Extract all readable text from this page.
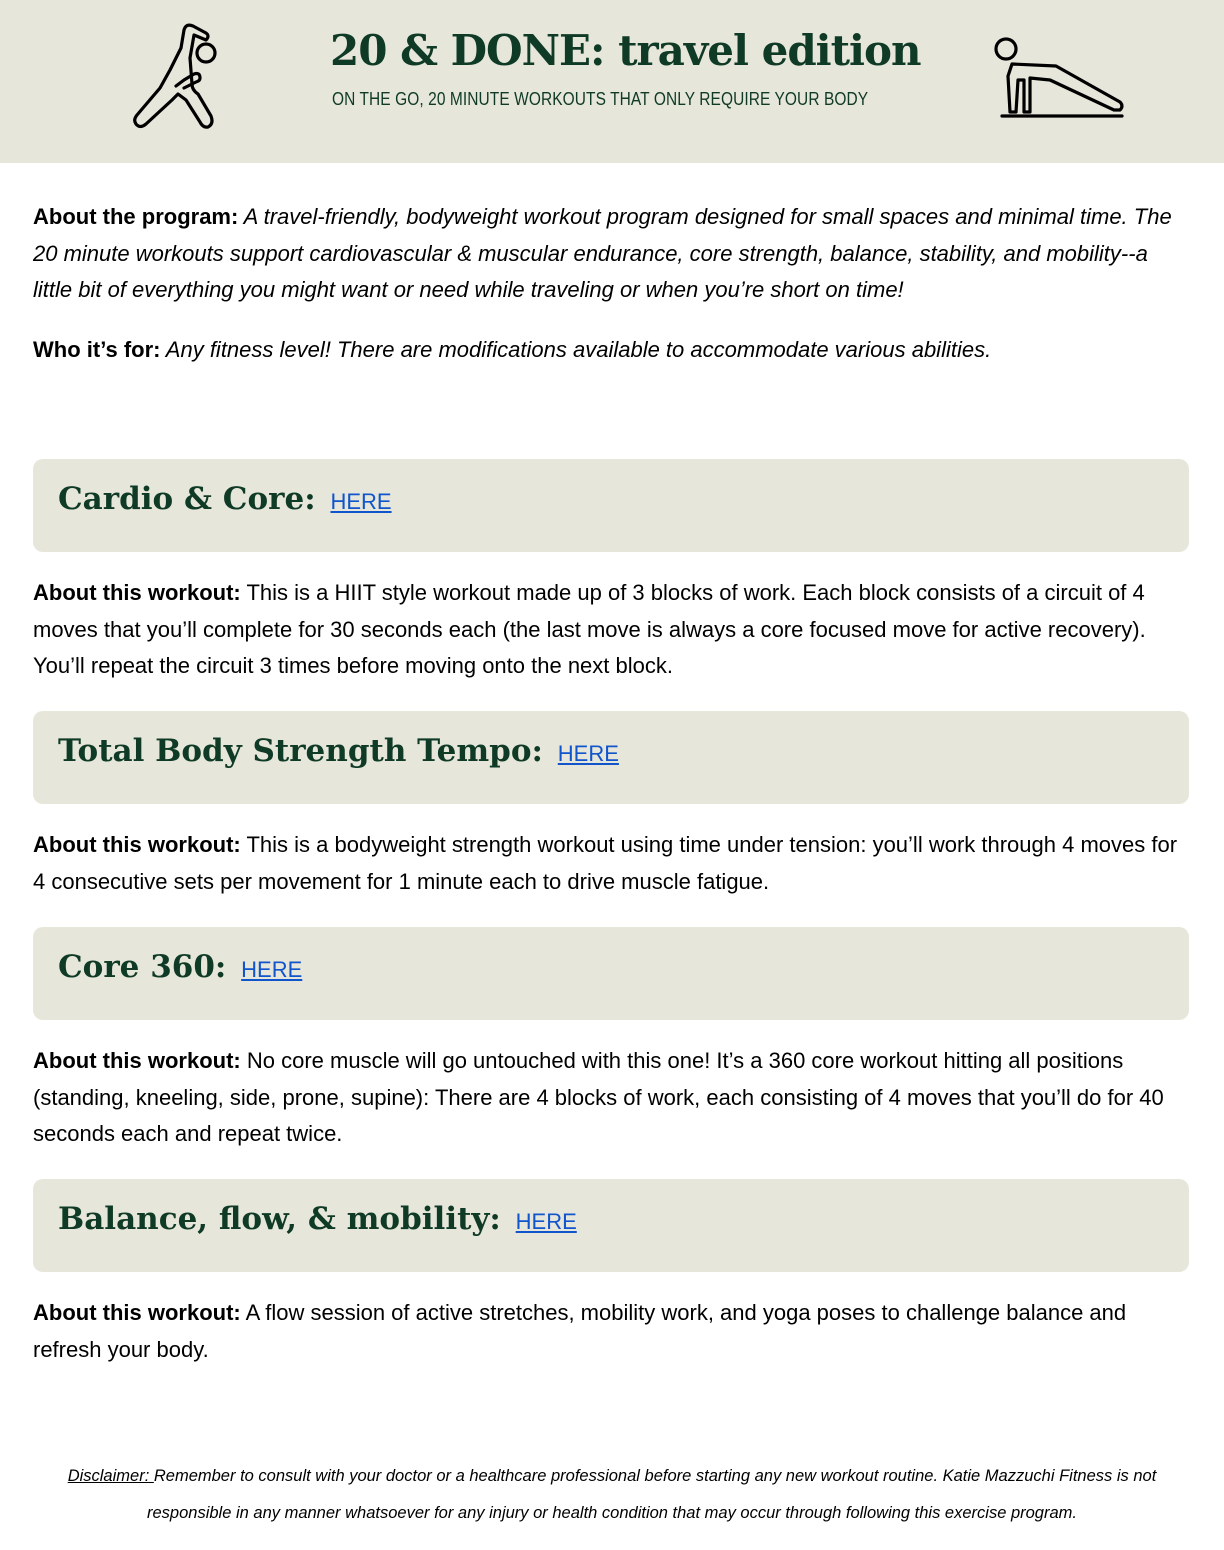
20 & DONE: travel edition
ON THE GO, 20 MINUTE WORKOUTS THAT ONLY REQUIRE YOUR BODY
About the program: A travel-friendly, bodyweight workout program designed for small spaces and minimal time. The 20 minute workouts support cardiovascular & muscular endurance, core strength, balance, stability, and mobility--a little bit of everything you might want or need while traveling or when you’re short on time!
Who it’s for: Any fitness level! There are modifications available to accommodate various abilities.
Cardio & Core: HERE
About this workout: This is a HIIT style workout made up of 3 blocks of work. Each block consists of a circuit of 4 moves that you’ll complete for 30 seconds each (the last move is always a core focused move for active recovery). You’ll repeat the circuit 3 times before moving onto the next block.
Total Body Strength Tempo: HERE
About this workout: This is a bodyweight strength workout using time under tension: you’ll work through 4 moves for 4 consecutive sets per movement for 1 minute each to drive muscle fatigue.
Core 360: HERE
About this workout: No core muscle will go untouched with this one! It’s a 360 core workout hitting all positions (standing, kneeling, side, prone, supine): There are 4 blocks of work, each consisting of 4 moves that you’ll do for 40 seconds each and repeat twice.
Balance, flow, & mobility: HERE
About this workout: A flow session of active stretches, mobility work, and yoga poses to challenge balance and refresh your body.
Disclaimer: Remember to consult with your doctor or a healthcare professional before starting any new workout routine. Katie Mazzuchi Fitness is not responsible in any manner whatsoever for any injury or health condition that may occur through following this exercise program.
